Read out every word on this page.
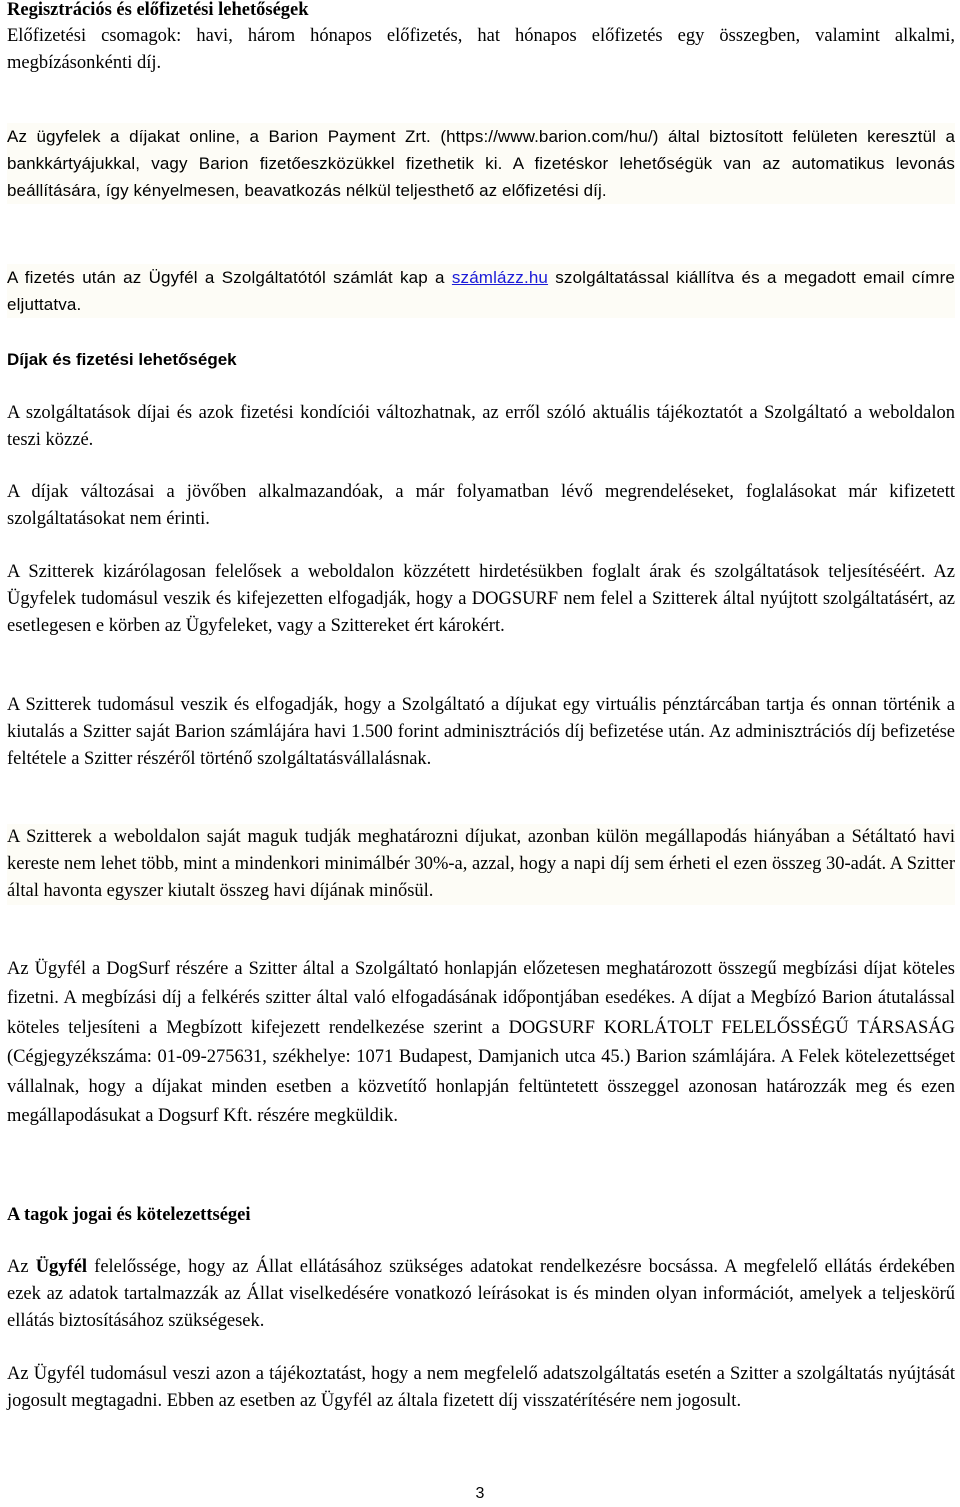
Regisztrációs és előfizetési lehetőségek

Előfizetési csomagok: havi, három hónapos előfizetés, hat hónapos előfizetés egy összegben, valamint alkalmi, megbízásonkénti díj.

Az ügyfelek a díjakat online, a Barion Payment Zrt. (https://www.barion.com/hu/) által biztosított felületen keresztül a bankkártyájukkal, vagy Barion fizetőeszközükkel fizethetik ki. A fizetéskor lehetőségük van az automatikus levonás beállítására, így kényelmesen, beavatkozás nélkül teljesthető az előfizetési díj.

A fizetés után az Ügyfél a Szolgáltatótól számlát kap a számlázz.hu szolgáltatással kiállítva és a megadott email címre eljuttatva.

Díjak és fizetési lehetőségek

A szolgáltatások díjai és azok fizetési kondíciói változhatnak, az erről szóló aktuális tájékoztatót a Szolgáltató a weboldalon teszi közzé.

A díjak változásai a jövőben alkalmazandóak, a már folyamatban lévő megrendeléseket, foglalásokat már kifizetett szolgáltatásokat nem érinti.

A Szitterek kizárólagosan felelősek a weboldalon közzétett hirdetésükben foglalt árak és szolgáltatások teljesítéséért. Az Ügyfelek tudomásul veszik és kifejezetten elfogadják, hogy a DOGSURF nem felel a Szitterek által nyújtott szolgáltatásért, az esetlegesen e körben az Ügyfeleket, vagy a Szittereket ért károkért.

A Szitterek tudomásul veszik és elfogadják, hogy a Szolgáltató a díjukat egy virtuális pénztárcában tartja és onnan történik a kiutalás a Szitter saját Barion számlájára havi 1.500 forint adminisztrációs díj befizetése után. Az adminisztrációs díj befizetése feltétele a Szitter részéről történő szolgáltatásvállalásnak.

A Szitterek a weboldalon saját maguk tudják meghatározni díjukat, azonban külön megállapodás hiányában a Sétáltató havi kereste nem lehet több, mint a mindenkori minimálbér 30%-a, azzal, hogy a napi díj sem érheti el ezen összeg 30-adát. A Szitter által havonta egyszer kiutalt összeg havi díjának minősül.

Az Ügyfél a DogSurf részére a Szitter által a Szolgáltató honlapján előzetesen meghatározott összegű megbízási díjat köteles fizetni. A megbízási díj a felkérés szitter által való elfogadásának időpontjában esedékes. A díjat a Megbízó Barion átutalással köteles teljesíteni a Megbízott kifejezett rendelkezése szerint a DOGSURF KORLÁTOLT FELELŐSSÉGŰ TÁRSASÁG (Cégjegyzékszáma: 01-09-275631, székhelye: 1071 Budapest, Damjanich utca 45.) Barion számlájára. A Felek kötelezettséget vállalnak, hogy a díjakat minden esetben a közvetítő honlapján feltüntetett összeggel azonosan határozzák meg és ezen megállapodásukat a Dogsurf Kft. részére megküldik.

A tagok jogai és kötelezettségei

Az Ügyfél felelőssége, hogy az Állat ellátásához szükséges adatokat rendelkezésre bocsássa. A megfelelő ellátás érdekében ezek az adatok tartalmazzák az Állat viselkedésére vonatkozó leírásokat is és minden olyan információt, amelyek a teljeskörű ellátás biztosításához szükségesek.

Az Ügyfél tudomásul veszi azon a tájékoztatást, hogy a nem megfelelő adatszolgáltatás esetén a Szitter a szolgáltatás nyújtását jogosult megtagadni. Ebben az esetben az Ügyfél az általa fizetett díj visszatérítésére nem jogosult.

3
